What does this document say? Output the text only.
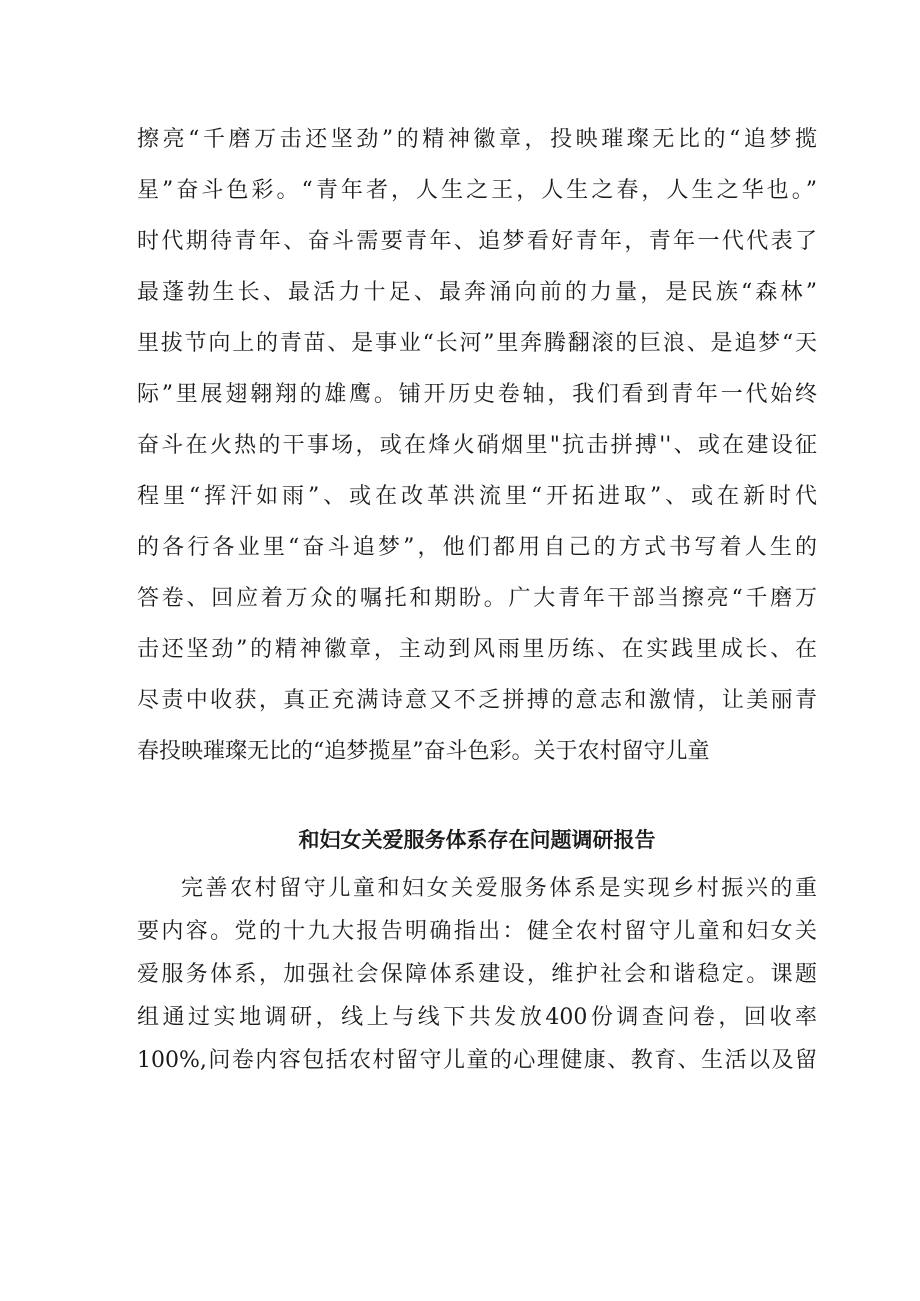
擦亮“千磨万击还坚劲”的精神徽章，投映璀璨无比的“追梦揽

星”奋斗色彩。“青年者，人生之王，人生之春，人生之华也。”

时代期待青年、奋斗需要青年、追梦看好青年，青年一代代表了

最蓬勃生长、最活力十足、最奔涌向前的力量，是民族“森林”

里拔节向上的青苗、是事业“长河”里奔腾翻滚的巨浪、是追梦“天

际”里展翅翱翔的雄鹰。铺开历史卷轴，我们看到青年一代始终

奋斗在火热的干事场，或在烽火硝烟里"抗击拼搏''、或在建设征

程里“挥汗如雨”、或在改革洪流里“开拓进取”、或在新时代

的各行各业里“奋斗追梦”，他们都用自己的方式书写着人生的

答卷、回应着万众的嘱托和期盼。广大青年干部当擦亮“千磨万

击还坚劲”的精神徽章，主动到风雨里历练、在实践里成长、在

尽责中收获，真正充满诗意又不乏拼搏的意志和激情，让美丽青

春投映璀璨无比的“追梦揽星”奋斗色彩。关于农村留守儿童

和妇女关爱服务体系存在问题调研报告

完善农村留守儿童和妇女关爱服务体系是实现乡村振兴的重

要内容。党的十九大报告明确指出：健全农村留守儿童和妇女关

爱服务体系，加强社会保障体系建设，维护社会和谐稳定。课题

组通过实地调研，线上与线下共发放400份调查问卷，回收率

100%,问卷内容包括农村留守儿童的心理健康、教育、生活以及留
